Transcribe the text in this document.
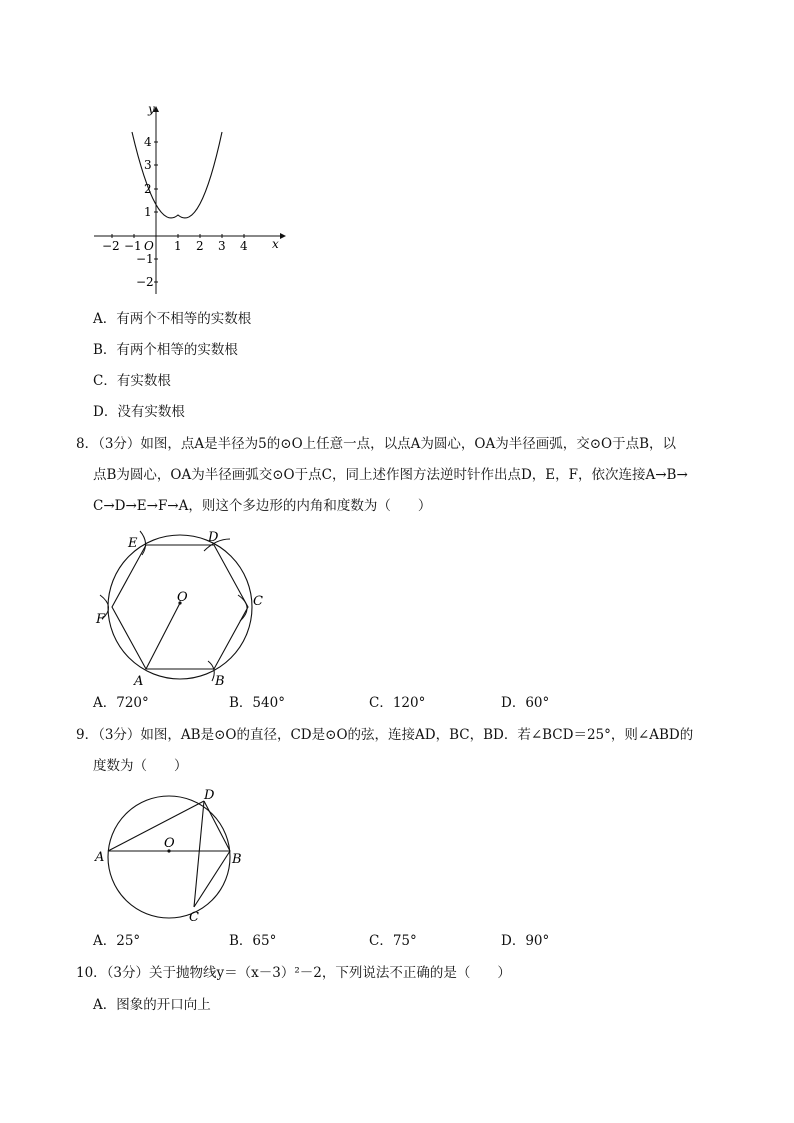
y
x
O
−2 −1	1 2 3 4
4
3
2
1
−1
−2
A．有两个不相等的实数根
B．有两个相等的实数根
C．有实数根
D．没有实数根
8．（3分）如图，点A是半径为5的⊙O上任意一点，以点A为圆心，OA为半径画弧，交⊙O于点B，以
点B为圆心，OA为半径画弧交⊙O于点C，同上述作图方法逆时针作出点D，E，F，依次连接A→B→
C→D→E→F→A，则这个多边形的内角和度数为（　　）
A	B
C
D
E
F
O
A．720°	B．540°	C．120°	D．60°
9．（3分）如图，AB是⊙O的直径，CD是⊙O的弦，连接AD，BC，BD．若∠BCD＝25°，则∠ABD的
度数为（　　）
A	B
C
D
O
A．25°	B．65°	C．75°	D．90°
10．（3分）关于抛物线y＝（x－3）²－2，下列说法不正确的是（　　）
A．图象的开口向上
